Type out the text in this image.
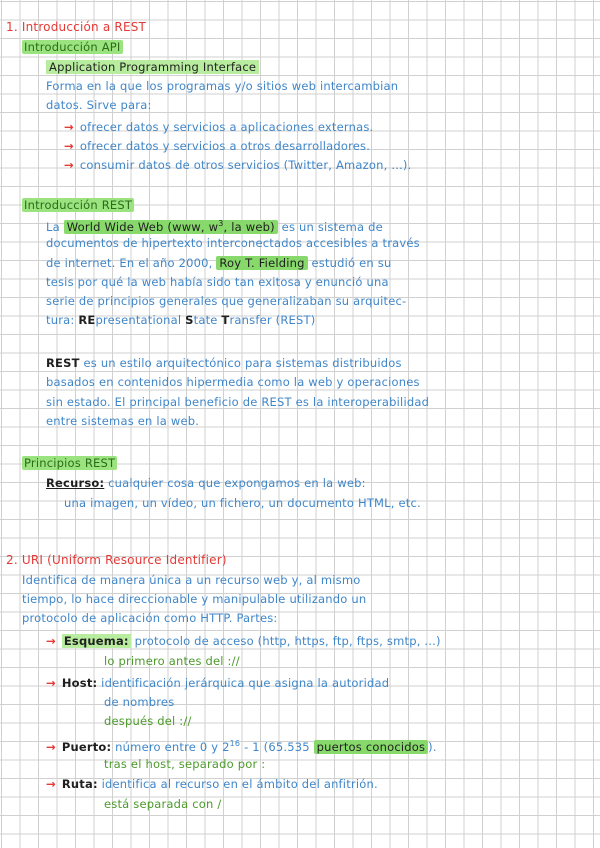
1. Introducción a REST
Introducción API
Application Programming Interface
Forma en la que los programas y/o sitios web intercambian
datos. Sirve para:
→ ofrecer datos y servicios a aplicaciones externas.
→ ofrecer datos y servicios a otros desarrolladores.
→ consumir datos de otros servicios (Twitter, Amazon, ...).
Introducción REST
La World Wide Web (www, $w^3$, la web) es un sistema de
documentos de hipertexto interconectados accesibles a través
de internet. En el año 2000, Roy T. Fielding estudió en su
tesis por qué la web había sido tan exitosa y enunció una
serie de principios generales que generalizaban su arquitec-
tura: REpresentational State Transfer (REST)
REST es un estilo arquitectónico para sistemas distribuidos
basados en contenidos hipermedia como la web y operaciones
sin estado. El principal beneficio de REST es la interoperabilidad
entre sistemas en la web.
Principios REST
Recurso: cualquier cosa que expongamos en la web:
una imagen, un vídeo, un fichero, un documento HTML, etc.
2. URI (Uniform Resource Identifier)
Identifica de manera única a un recurso web y, al mismo
tiempo, lo hace direccionable y manipulable utilizando un
protocolo de aplicación como HTTP. Partes:
→ Esquema: protocolo de acceso (http, https, ftp, ftps, smtp, ...)
lo primero antes del ://
→ Host: identificación jerárquica que asigna la autoridad
de nombres
después del ://
→ Puerto: número entre 0 y $2^{16} - 1$ (65.535 puertos conocidos ).
tras el host, separado por :
→ Ruta: identifica al recurso en el ámbito del anfitrión.
está separada con /
